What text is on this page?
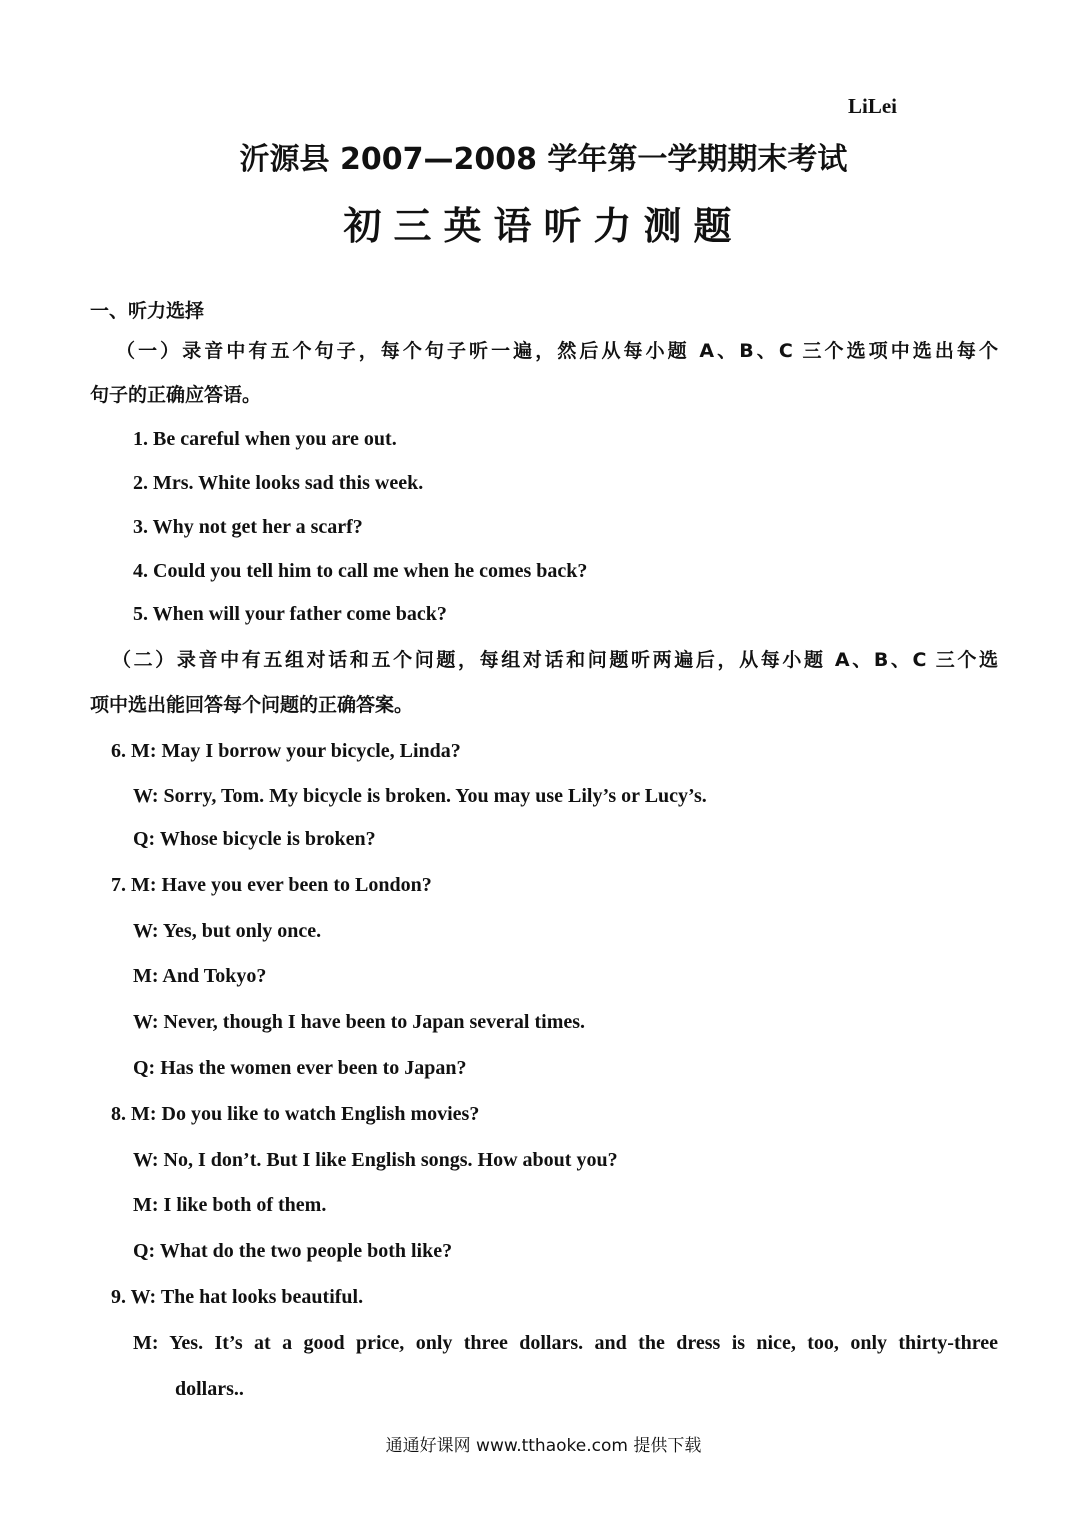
LiLei
沂源县 2007—2008 学年第一学期期末考试
初三英语听力测题
一、听力选择
（一）录音中有五个句子，每个句子听一遍，然后从每小题 A、B、C 三个选项中选出每个
句子的正确应答语。
1. Be careful when you are out.
2. Mrs. White looks sad this week.
3. Why not get her a scarf?
4. Could you tell him to call me when he comes back?
5. When will your father come back?
（二）录音中有五组对话和五个问题，每组对话和问题听两遍后，从每小题 A、B、C 三个选
项中选出能回答每个问题的正确答案。
6. M: May I borrow your bicycle, Linda?
W: Sorry, Tom. My bicycle is broken. You may use Lily’s or Lucy’s.
Q: Whose bicycle is broken?
7. M: Have you ever been to London?
W: Yes, but only once.
M: And Tokyo?
W: Never, though I have been to Japan several times.
Q: Has the women ever been to Japan?
8. M: Do you like to watch English movies?
W: No, I don’t. But I like English songs. How about you?
M: I like both of them.
Q: What do the two people both like?
9. W: The hat looks beautiful.
M: Yes. It’s at a good price, only three dollars. and the dress is nice, too, only thirty-three
dollars..
通通好课网 www.tthaoke.com 提供下载
